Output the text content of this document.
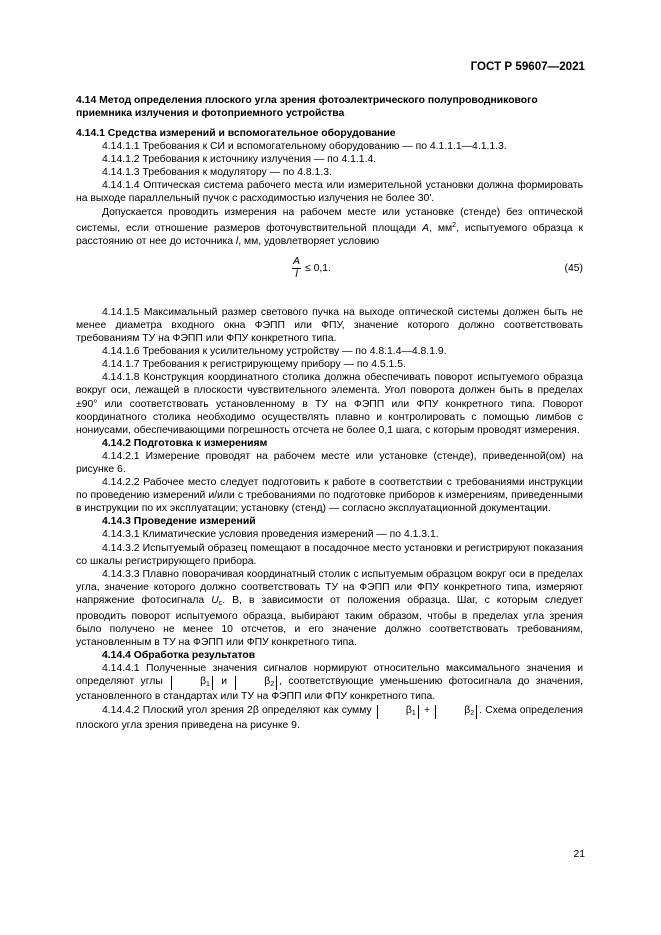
ГОСТ Р 59607—2021
4.14 Метод определения плоского угла зрения фотоэлектрического полупроводникового приемника излучения и фотоприемного устройства
4.14.1 Средства измерений и вспомогательное оборудование
4.14.1.1 Требования к СИ и вспомогательному оборудованию — по 4.1.1.1—4.1.1.3.
4.14.1.2 Требования к источнику излучения — по 4.1.1.4.
4.14.1.3 Требования к модулятору — по 4.8.1.3.
4.14.1.4 Оптическая система рабочего места или измерительной установки должна формировать на выходе параллельный пучок с расходимостью излучения не более 30'.
Допускается проводить измерения на рабочем месте или установке (стенде) без оптической системы, если отношение размеров фоточувствительной площади A, $мм^2$, испытуемого образца к расстоянию от нее до источника l, мм, удовлетворяет условию
$\frac{A}{l} \le 0,1$.	(45)
4.14.1.5 Максимальный размер светового пучка на выходе оптической системы должен быть не менее диаметра входного окна ФЭПП или ФПУ, значение которого должно соответствовать требованиям ТУ на ФЭПП или ФПУ конкретного типа.
4.14.1.6 Требования к усилительному устройству — по 4.8.1.4—4.8.1.9.
4.14.1.7 Требования к регистрирующему прибору — по 4.5.1.5.
4.14.1.8 Конструкция координатного столика должна обеспечивать поворот испытуемого образца вокруг оси, лежащей в плоскости чувствительного элемента. Угол поворота должен быть в пределах ±90° или соответствовать установленному в ТУ на ФЭПП или ФПУ конкретного типа. Поворот координатного столика необходимо осуществлять плавно и контролировать с помощью лимбов с нониусами, обеспечивающими погрешность отсчета не более 0,1 шага, с которым проводят измерения.
4.14.2 Подготовка к измерениям
4.14.2.1 Измерение проводят на рабочем месте или установке (стенде), приведенной(ом) на рисунке 6.
4.14.2.2 Рабочее место следует подготовить к работе в соответствии с требованиями инструкции по проведению измерений и/или с требованиями по подготовке приборов к измерениям, приведенными в инструкции по их эксплуатации; установку (стенд) — согласно эксплуатационной документации.
4.14.3 Проведение измерений
4.14.3.1 Климатические условия проведения измерений — по 4.1.3.1.
4.14.3.2 Испытуемый образец помещают в посадочное место установки и регистрируют показания со шкалы регистрирующего прибора.
4.14.3.3 Плавно поворачивая координатный столик с испытуемым образцом вокруг оси в пределах угла, значение которого должно соответствовать ТУ на ФЭПП или ФПУ конкретного типа, измеряют напряжение фотосигнала $U_c$. В, в зависимости от положения образца. Шаг, с которым следует проводить поворот испытуемого образца, выбирают таким образом, чтобы в пределах угла зрения было получено не менее 10 отсчетов, и его значение должно соответствовать требованиям, установленным в ТУ на ФЭПП или ФПУ конкретного типа.
4.14.4 Обработка результатов
4.14.4.1 Полученные значения сигналов нормируют относительно максимального значения и определяют углы	$\beta_1$ и	$\beta_2$ , соответствующие уменьшению фотосигнала до значения, установленного в стандартах или ТУ на ФЭПП или ФПУ конкретного типа.
4.14.4.2 Плоский угол зрения 2β определяют как сумму	$\beta_1$ +	$\beta_2$ . Схема определения плоского угла зрения приведена на рисунке 9.
21
